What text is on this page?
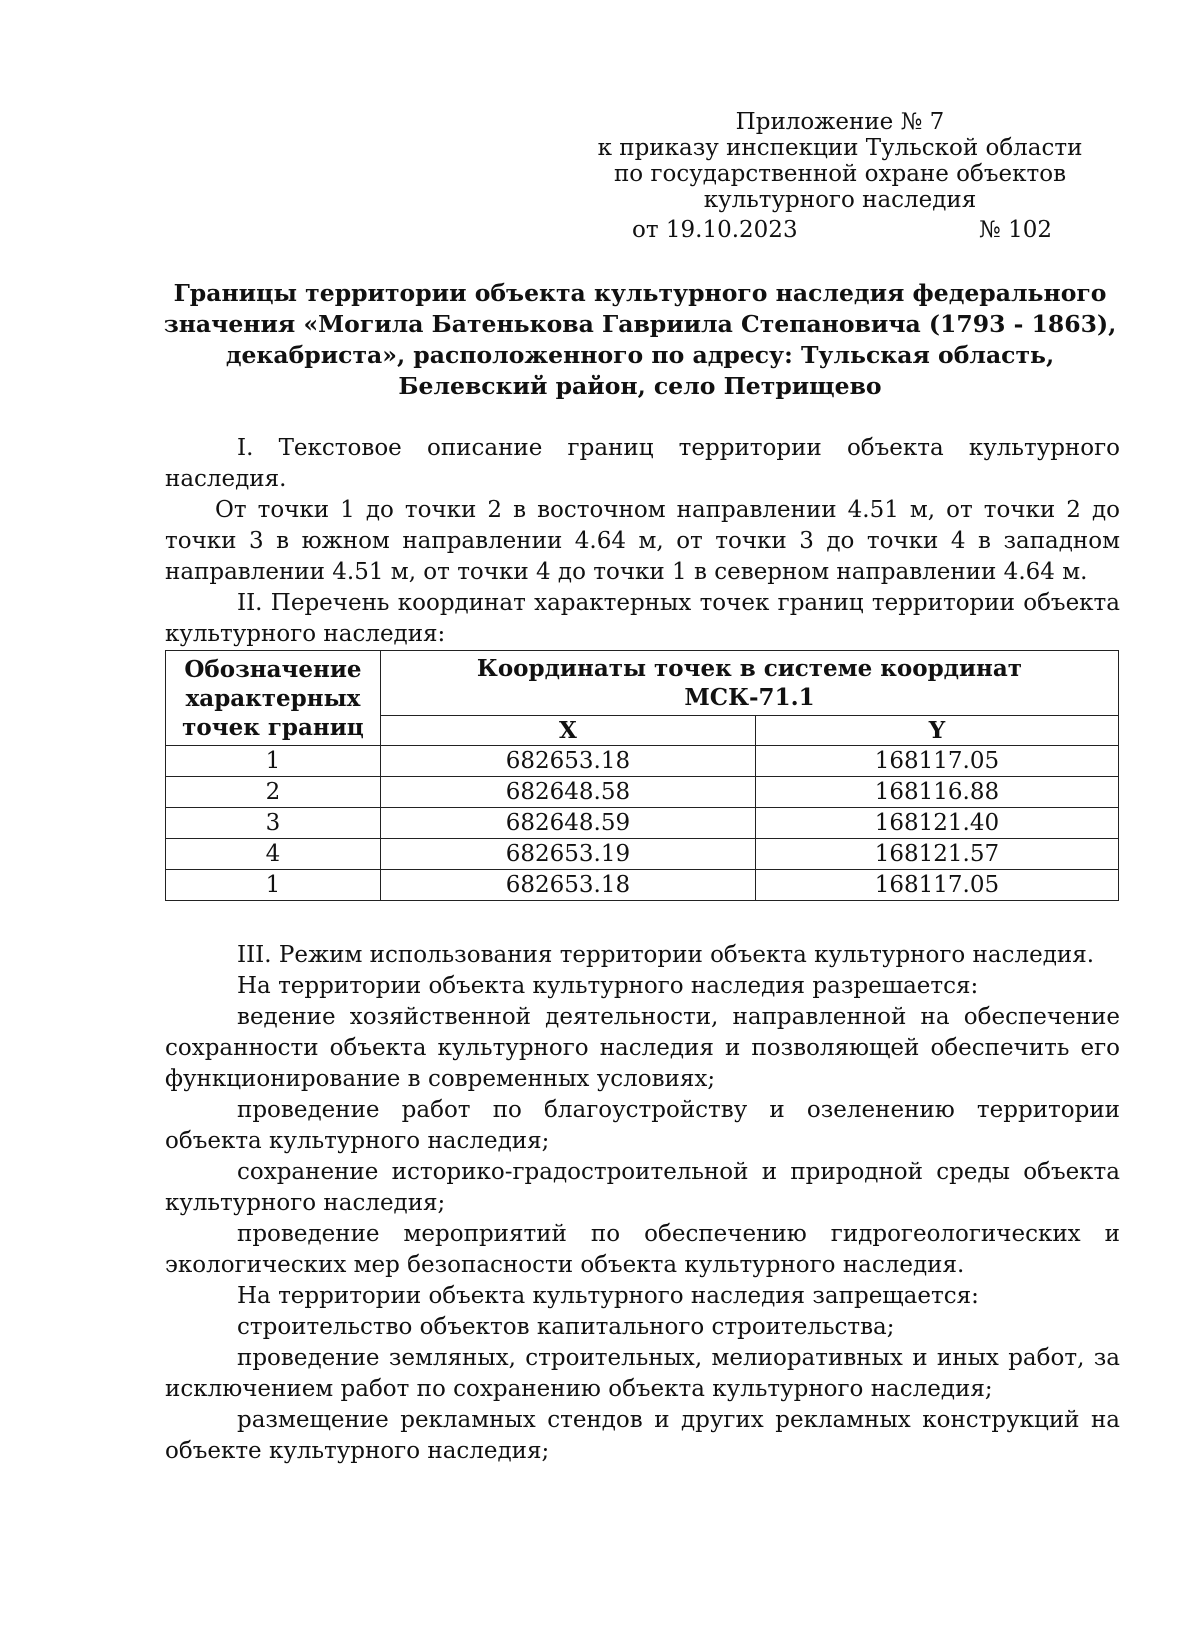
Приложение № 7
к приказу инспекции Тульской области
по государственной охране объектов
культурного наследия
от 19.10.2023	№ 102
Границы территории объекта культурного наследия федерального
значения «Могила Батенькова Гавриила Степановича (1793 - 1863),
декабриста», расположенного по адресу: Тульская область,
Белевский район, село Петрищево

I. Текстовое описание границ территории объекта культурного наследия.

От точки 1 до точки 2 в восточном направлении 4.51 м, от точки 2 до точки 3 в южном направлении 4.64 м, от точки 3 до точки 4 в западном направлении 4.51 м, от точки 4 до точки 1 в северном направлении 4.64 м.

II. Перечень координат характерных точек границ территории объекта культурного наследия:

Обозначение характерных точек границ	Координаты точек в системе координат МСК-71.1	

	X	Y
1	682653.18	168117.05
2	682648.58	168116.88
3	682648.59	168121.40
4	682653.19	168121.57
1	682653.18	168117.05

III. Режим использования территории объекта культурного наследия.

На территории объекта культурного наследия разрешается:

ведение хозяйственной деятельности, направленной на обеспечение сохранности объекта культурного наследия и позволяющей обеспечить его функционирование в современных условиях;

проведение работ по благоустройству и озеленению территории объекта культурного наследия;

сохранение историко-градостроительной и природной среды объекта культурного наследия;

проведение мероприятий по обеспечению гидрогеологических и экологических мер безопасности объекта культурного наследия.

На территории объекта культурного наследия запрещается:

строительство объектов капитального строительства;

проведение земляных, строительных, мелиоративных и иных работ, за исключением работ по сохранению объекта культурного наследия;

размещение рекламных стендов и других рекламных конструкций на объекте культурного наследия;
